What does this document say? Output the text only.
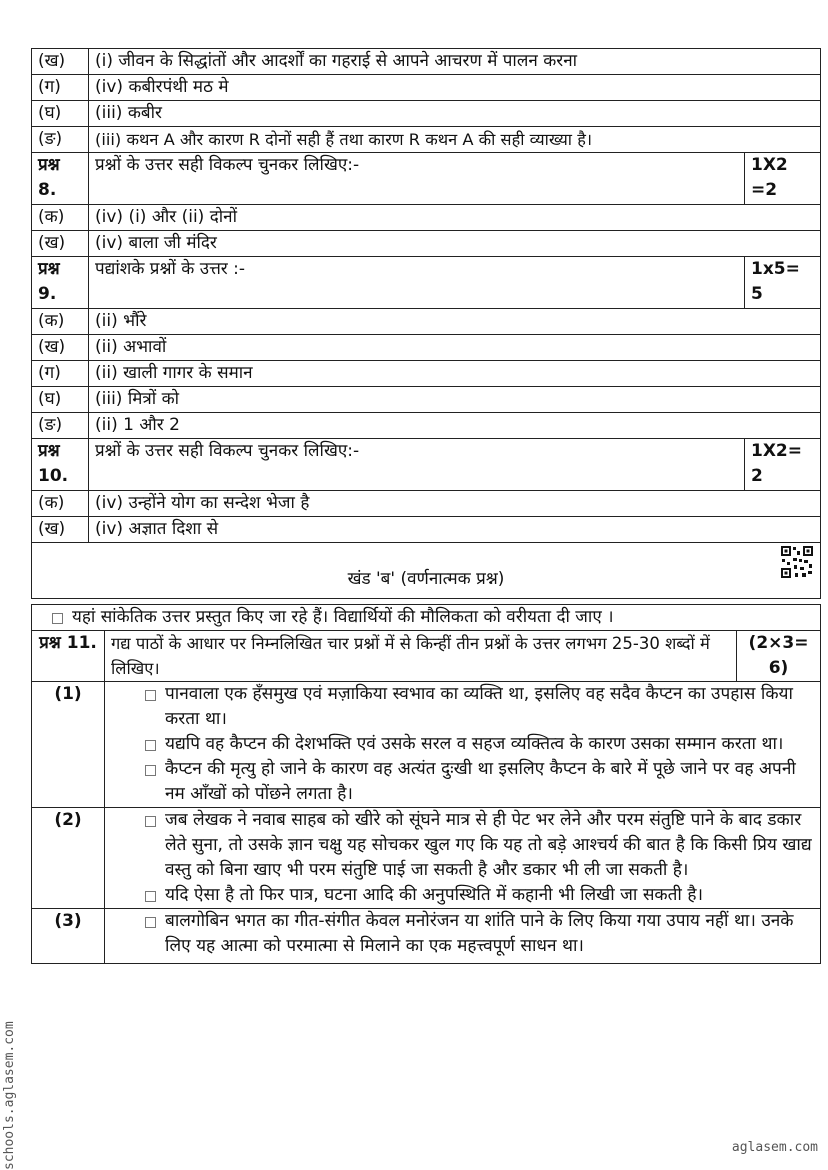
(ख)	(i) जीवन के सिद्धांतों और आदर्शों का गहराई से आपने आचरण में पालन करना	
(ग)	(iv) कबीरपंथी मठ मे	
(घ)	(iii) कबीर	
(ङ)	(iii) कथन A और कारण R दोनों सही हैं तथा कारण R कथन A की सही व्याख्या है।	
प्रश्न 8.	प्रश्नों के उत्तर सही विकल्प चुनकर लिखिए:-	1X2 =2
(क)	(iv) (i) और (ii) दोनों	
(ख)	(iv) बाला जी मंदिर	
प्रश्न 9.	पद्यांशके प्रश्नों के उत्तर :-	1x5= 5
(क)	(ii) भौंरे	
(ख)	(ii) अभावों	
(ग)	(ii) खाली गागर के समान	
(घ)	(iii) मित्रों को	
(ङ)	(ii) 1 और 2	
प्रश्न 10.	प्रश्नों के उत्तर सही विकल्प चुनकर लिखिए:-	1X2= 2
(क)	(iv) उन्होंने योग का सन्देश भेजा है	
(ख)	(iv) अज्ञात दिशा से	
खंड 'ब' (वर्णनात्मक प्रश्न)		
यहां सांकेतिक उत्तर प्रस्तुत किए जा रहे हैं। विद्यार्थियों की मौलिकता को वरीयता दी जाए ।		

प्रश्न 11.	गद्य पाठों के आधार पर निम्नलिखित चार प्रश्नों में से किन्हीं तीन प्रश्नों के उत्तर लगभग 25-30 शब्दों में लिखिए।	(2×3= 6)
(1)	पानवाला एक हँसमुख एवं मज़ाकिया स्वभाव का व्यक्ति था, इसलिए वह सदैव कैप्टन का उपहास किया करता था।
यद्यपि वह कैप्टन की देशभक्ति एवं उसके सरल व सहज व्यक्तित्व के कारण उसका सम्मान करता था।
कैप्टन की मृत्यु हो जाने के कारण वह अत्यंत दुःखी था इसलिए कैप्टन के बारे में पूछे जाने पर वह अपनी नम आँखों को पोंछने लगता है।	

(2)	जब लेखक ने नवाब साहब को खीरे को सूंघने मात्र से ही पेट भर लेने और परम संतुष्टि पाने के बाद डकार लेते सुना, तो उसके ज्ञान चक्षु यह सोचकर खुल गए कि यह तो बड़े आश्चर्य की बात है कि किसी प्रिय खाद्य वस्तु को बिना खाए भी परम संतुष्टि पाई जा सकती है और डकार भी ली जा सकती है।
यदि ऐसा है तो फिर पात्र, घटना आदि की अनुपस्थिति में कहानी भी लिखी जा सकती है।	

(3)	बालगोबिन भगत का गीत-संगीत केवल मनोरंजन या शांति पाने के लिए किया गया उपाय नहीं था। उनके लिए यह आत्मा को परमात्मा से मिलाने का एक महत्त्वपूर्ण साधन था।	
schools.aglasem.com	aglasem.com
